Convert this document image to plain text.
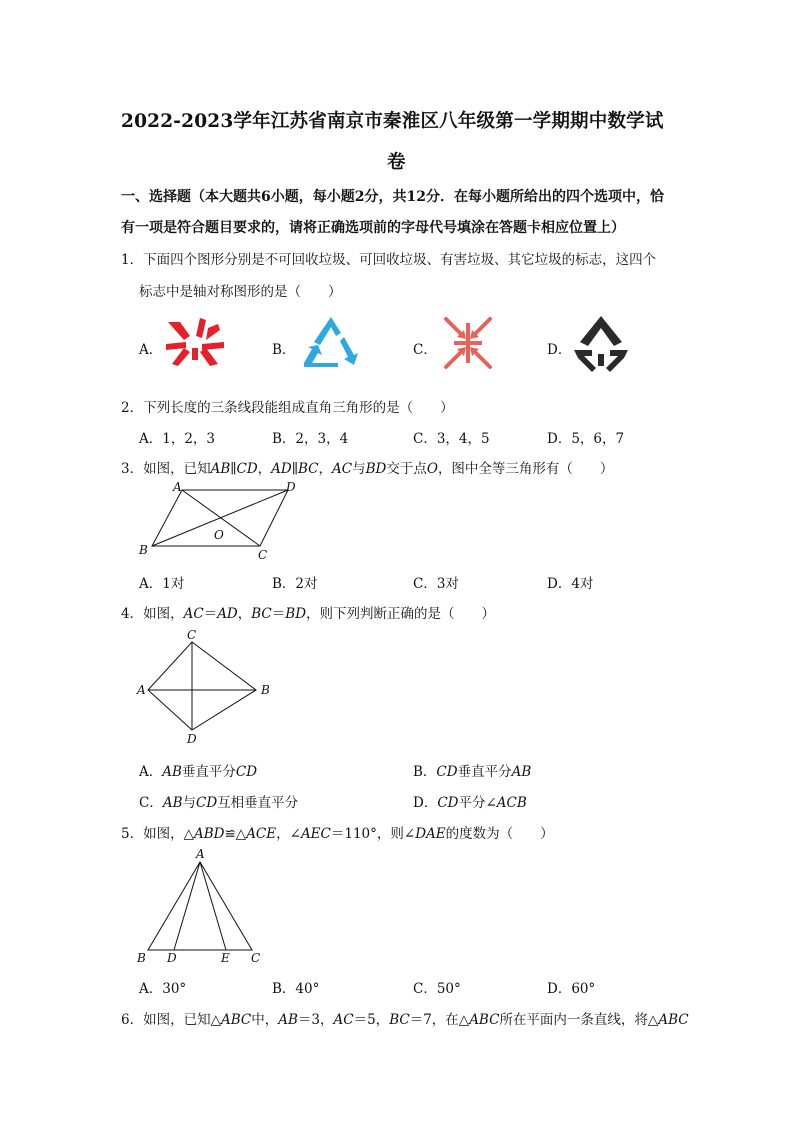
2022-2023学年江苏省南京市秦淮区八年级第一学期期中数学试
卷
一、选择题（本大题共6小题，每小题2分，共12分．在每小题所给出的四个选项中，恰
有一项是符合题目要求的，请将正确选项前的字母代号填涂在答题卡相应位置上）
1．下面四个图形分别是不可回收垃圾、可回收垃圾、有害垃圾、其它垃圾的标志，这四个
标志中是轴对称图形的是（　　）
A．	B．	C．	D．
2．下列长度的三条线段能组成直角三角形的是（　　）
A．1，2，3	B．2，3，4	C．3，4，5	D．5，6，7
3．如图，已知AB∥CD，AD∥BC，AC与BD交于点O，图中全等三角形有（　　）
A	D
B	C
O
A．1对	B．2对	C．3对	D．4对
4．如图，AC＝AD，BC＝BD，则下列判断正确的是（　　）
C
A	B
D
A．AB垂直平分CD	B．CD垂直平分AB
C．AB与CD互相垂直平分	D．CD平分∠ACB
5．如图，△ABD≌△ACE，∠AEC＝110°，则∠DAE的度数为（　　）
A
B D	E C
A．30°	B．40°	C．50°	D．60°
6．如图，已知△ABC中，AB＝3，AC＝5，BC＝7，在△ABC所在平面内一条直线，将△ABC
